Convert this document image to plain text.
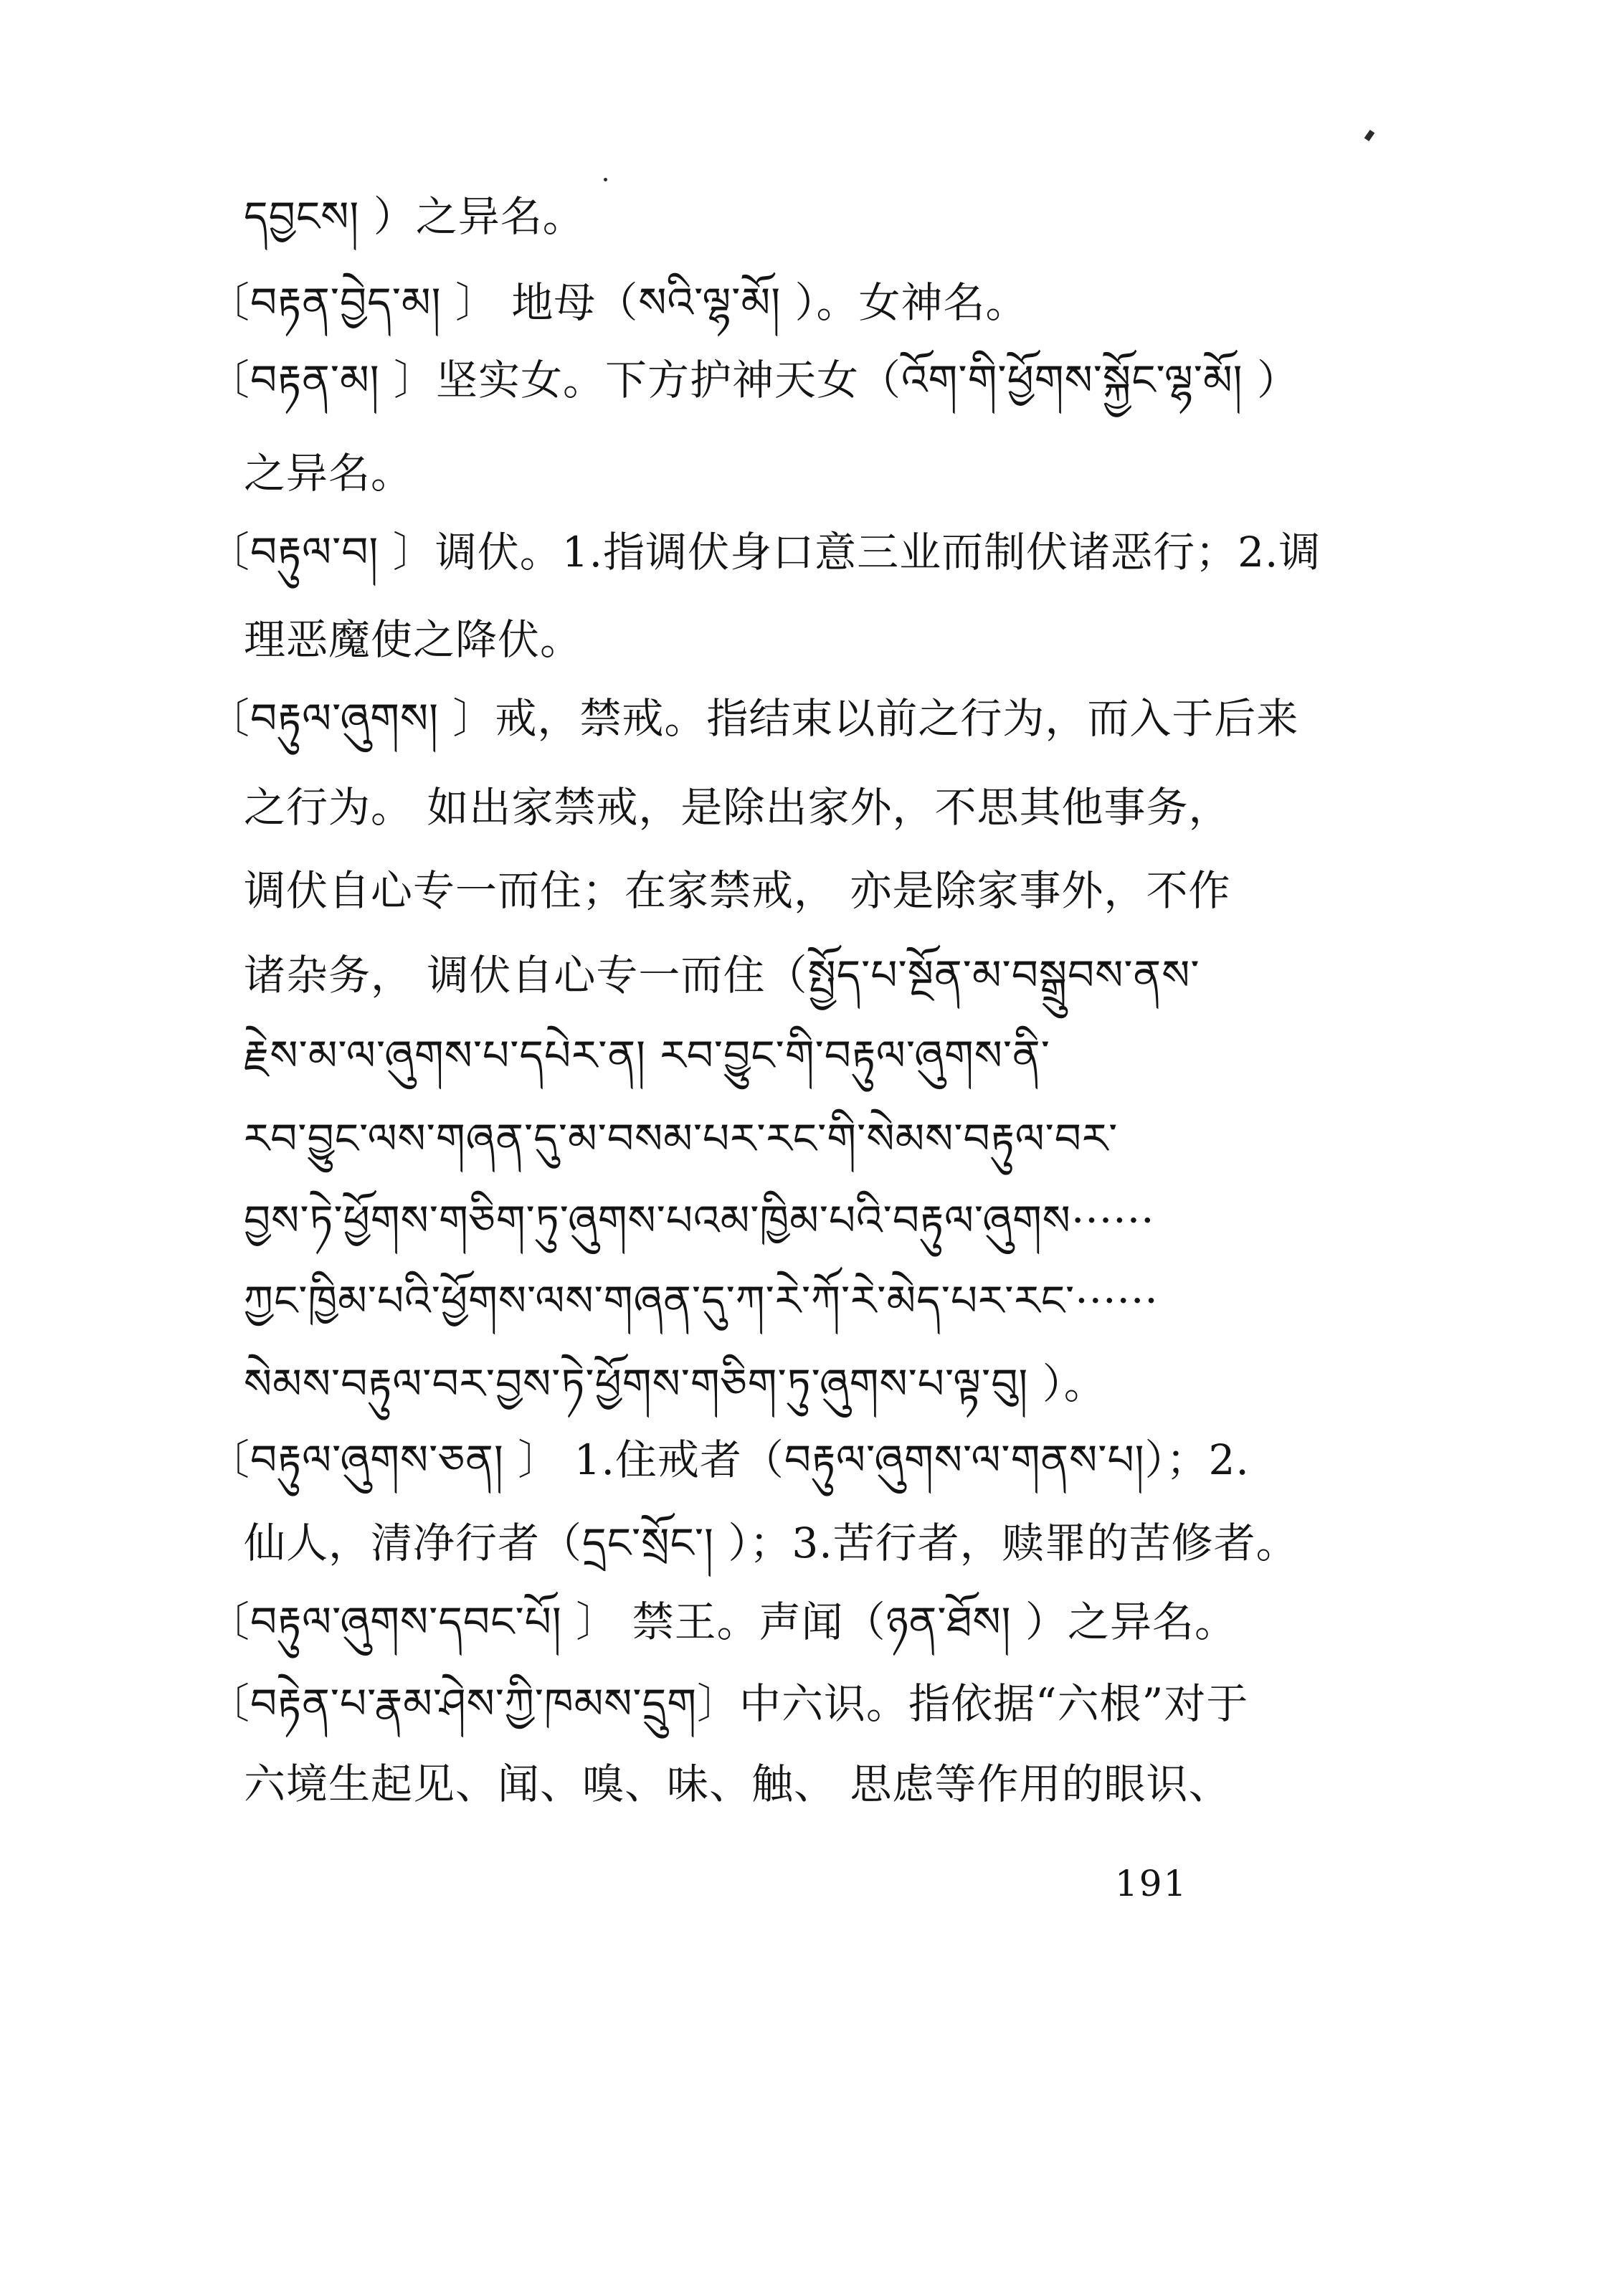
དབྱངས། ）之异名。
〔བརྟན་བྱེད་མ། 〕 地母（སའི་ལྷ་མོ། ）。女神名。
〔བརྟན་མ། 〕坚实女。下方护神天女（འོག་གི་ཕྱོགས་སྐྱོང་ལྷ་མོ། ）
之异名。
〔བརྟུལ་བ། 〕调伏。1.指调伏身口意三业而制伏诸恶行；2.调
理恶魔使之降伏。
〔བརྟུལ་ཞུགས། 〕戒，禁戒。指结束以前之行为，而入于后来
之行为。 如出家禁戒，是除出家外，不思其他事务，
调伏自心专一而住；在家禁戒， 亦是除家事外，不作
诸杂务， 调伏自心专一而住（སྤྱོད་པ་སྔོན་མ་བསྒྲུབས་ནས་
རྗེས་མ་ལ་ཞུགས་པ་དཔེར་ན། རབ་བྱུང་གི་བརྟུལ་ཞུགས་ནི་
རབ་བྱུང་ལས་གཞན་དུ་མ་བསམ་པར་རང་གི་སེམས་བརྟུལ་བར་
བྱས་ཏེ་ཕྱོགས་གཅིག་ཏུ་ཞུགས་པའམ་ཁྱིམ་པའི་བརྟུལ་ཞུགས······
ཀྱང་ཁྱིམ་པའི་ཕྱོགས་ལས་གཞན་དུ་ཀ་རེ་ཀོ་རེ་མེད་པར་རང་······
སེམས་བརྟུལ་བར་བྱས་ཏེ་ཕྱོགས་གཅིག་ཏུ་ཞུགས་པ་ལྟ་བུ། ）。
〔བརྟུལ་ཞུགས་ཅན། 〕 1.住戒者（བརྟུལ་ཞུགས་ལ་གནས་པ།）；2.
仙人，清净行者（དྲང་སྲོང་། ）；3.苦行者，赎罪的苦修者。
〔བརྟུལ་ཞུགས་དབང་པོ། 〕 禁王。声闻（ཉན་ཐོས། ）之异名。
〔བརྟེན་པ་རྣམ་ཤེས་ཀྱི་ཁམས་དྲུག〕中六识。指依据“六根”对于
六境生起见、闻、嗅、味、触、 思虑等作用的眼识、
191
